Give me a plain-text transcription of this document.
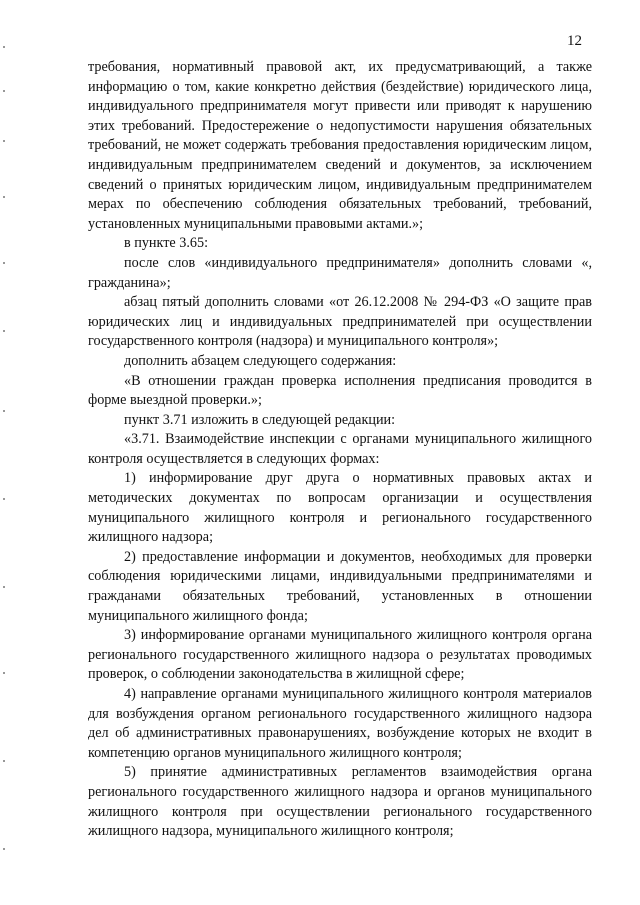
12

требования, нормативный правовой акт, их предусматривающий, а также информацию о том, какие конкретно действия (бездействие) юридического лица, индивидуального предпринимателя могут привести или приводят к нарушению этих требований. Предостережение о недопустимости нарушения обязательных требований, не может содержать требования предоставления юридическим лицом, индивидуальным предпринимателем сведений и документов, за исключением сведений о принятых юридическим лицом, индивидуальным предпринимателем мерах по обеспечению соблюдения обязательных требований, требований, установленных муниципальными правовыми актами.»;

в пункте 3.65:

после слов «индивидуального предпринимателя» дополнить словами «, гражданина»;

абзац пятый дополнить словами «от 26.12.2008 № 294-ФЗ «О защите прав юридических лиц и индивидуальных предпринимателей при осуществлении государственного контроля (надзора) и муниципального контроля»;

дополнить абзацем следующего содержания:

«В отношении граждан проверка исполнения предписания проводится в форме выездной проверки.»;

пункт 3.71 изложить в следующей редакции:

«3.71. Взаимодействие инспекции с органами муниципального жилищного контроля осуществляется в следующих формах:

1) информирование друг друга о нормативных правовых актах и методических документах по вопросам организации и осуществления муниципального жилищного контроля и регионального государственного жилищного надзора;

2) предоставление информации и документов, необходимых для проверки соблюдения юридическими лицами, индивидуальными предпринимателями и гражданами обязательных требований, установленных в отношении муниципального жилищного фонда;

3) информирование органами муниципального жилищного контроля органа регионального государственного жилищного надзора о результатах проводимых проверок, о соблюдении законодательства в жилищной сфере;

4) направление органами муниципального жилищного контроля материалов для возбуждения органом регионального государственного жилищного надзора дел об административных правонарушениях, возбуждение которых не входит в компетенцию органов муниципального жилищного контроля;

5) принятие административных регламентов взаимодействия органа регионального государственного жилищного надзора и органов муниципального жилищного контроля при осуществлении регионального государственного жилищного надзора, муниципального жилищного контроля;
